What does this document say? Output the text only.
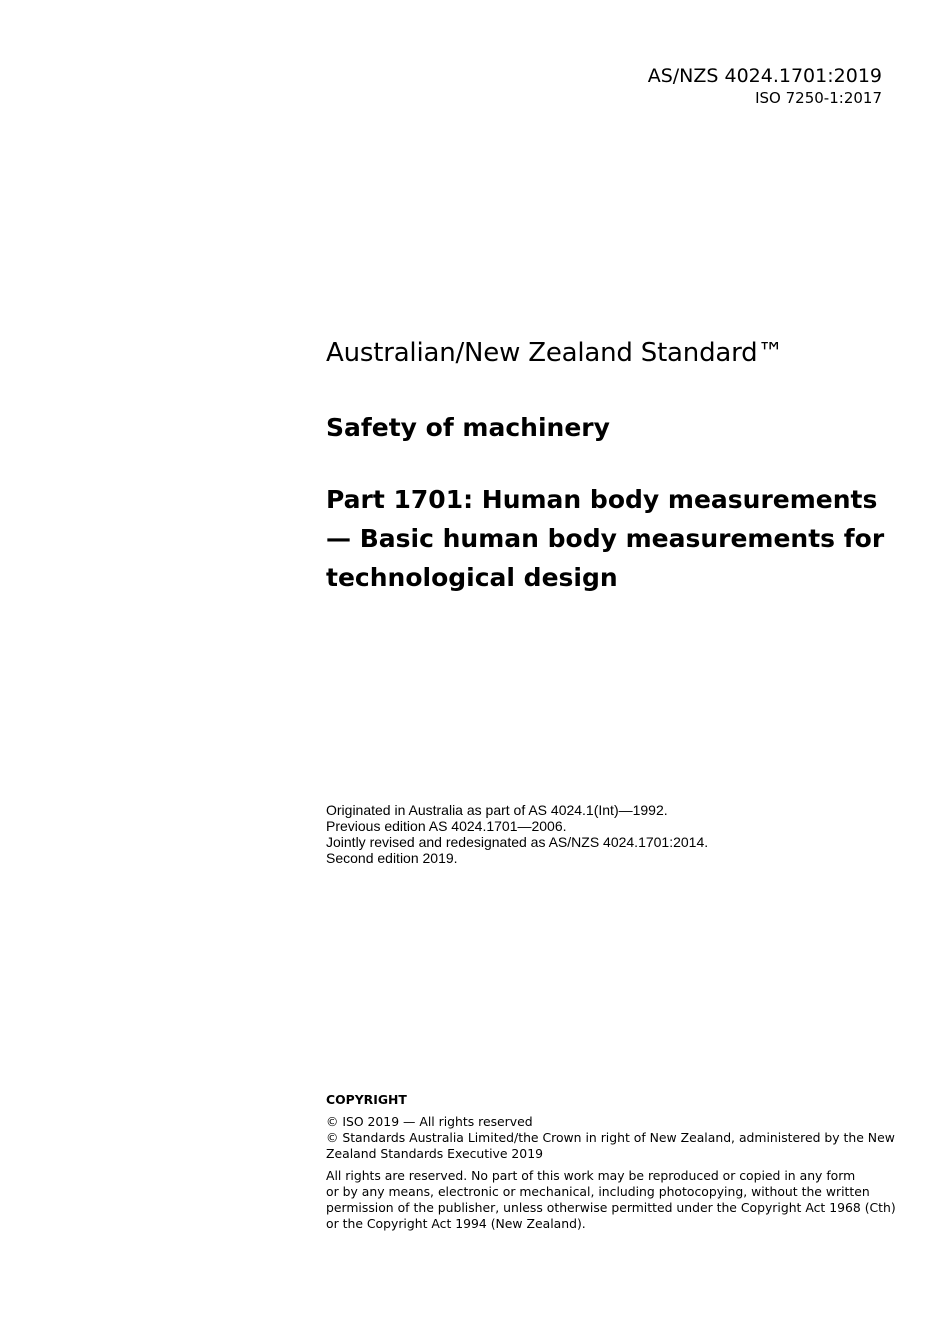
AS/NZS 4024.1701:2019
ISO 7250-1:2017
Australian/New Zealand Standard™
Safety of machinery
Part 1701: Human body measurements
— Basic human body measurements for
technological design
Originated in Australia as part of AS 4024.1(Int)—1992.
Previous edition AS 4024.1701—2006.
Jointly revised and redesignated as AS/NZS 4024.1701:2014.
Second edition 2019.
COPYRIGHT

© ISO 2019 — All rights reserved
© Standards Australia Limited/the Crown in right of New Zealand, administered by the New
Zealand Standards Executive 2019

All rights are reserved. No part of this work may be reproduced or copied in any form
or by any means, electronic or mechanical, including photocopying, without the written
permission of the publisher, unless otherwise permitted under the Copyright Act 1968 (Cth)
or the Copyright Act 1994 (New Zealand).
